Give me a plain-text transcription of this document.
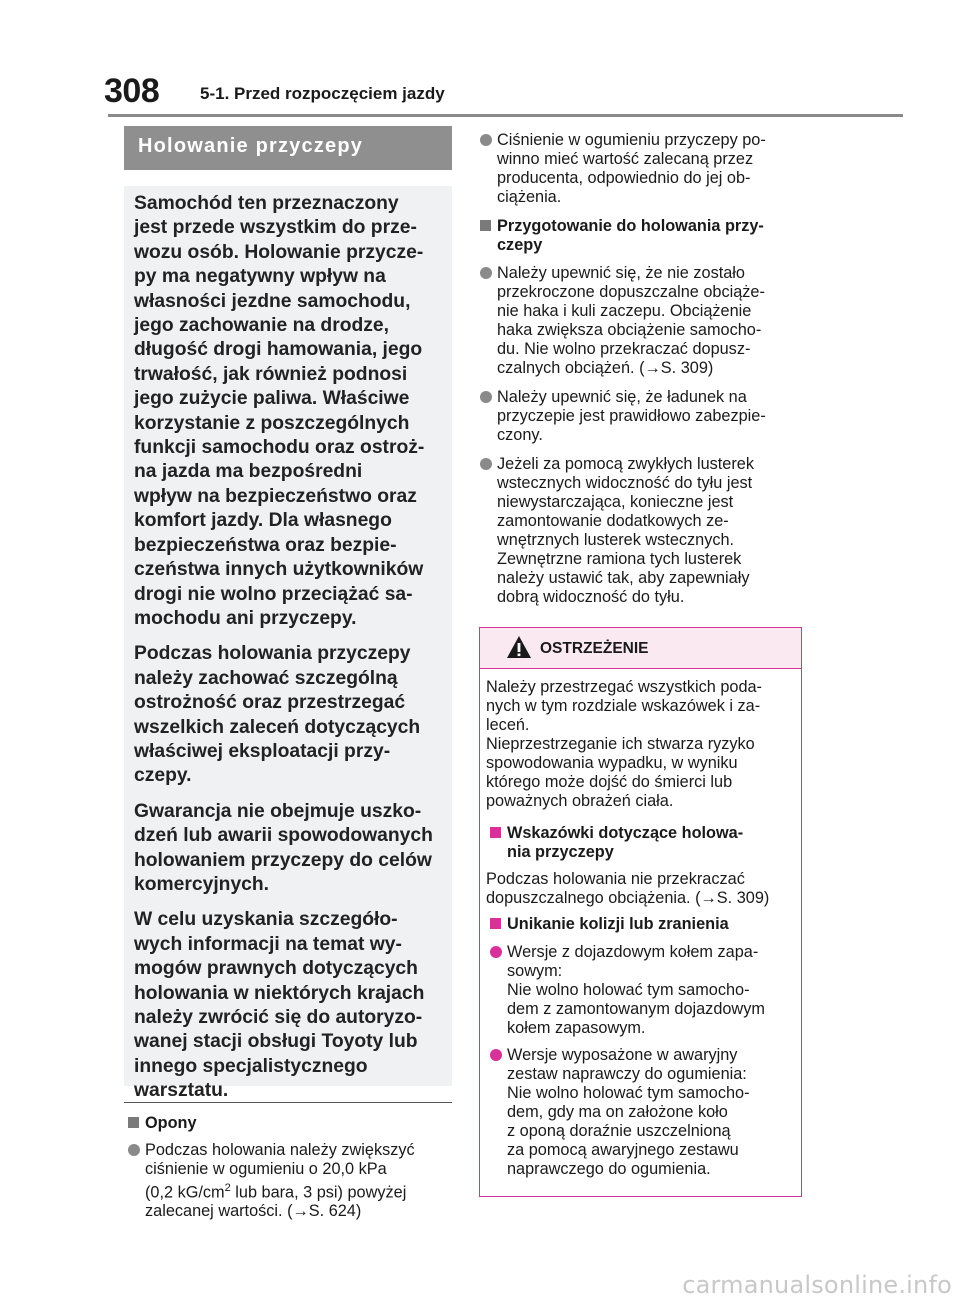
308 5-1. Przed rozpoczęciem jazdy
Holowanie przyczepy

Samochód ten przeznaczony
jest przede wszystkim do prze-
wozu osób. Holowanie przycze-
py ma negatywny wpływ na
własności jezdne samochodu,
jego zachowanie na drodze,
długość drogi hamowania, jego
trwałość, jak również podnosi
jego zużycie paliwa. Właściwe
korzystanie z poszczególnych
funkcji samochodu oraz ostroż-
na jazda ma bezpośredni
wpływ na bezpieczeństwo oraz
komfort jazdy. Dla własnego
bezpieczeństwa oraz bezpie-
czeństwa innych użytkowników
drogi nie wolno przeciążać sa-
mochodu ani przyczepy.

Podczas holowania przyczepy
należy zachować szczególną
ostrożność oraz przestrzegać
wszelkich zaleceń dotyczących
właściwej eksploatacji przy-
czepy.

Gwarancja nie obejmuje uszko-
dzeń lub awarii spowodowanych
holowaniem przyczepy do celów
komercyjnych.

W celu uzyskania szczegóło-
wych informacji na temat wy-
mogów prawnych dotyczących
holowania w niektórych krajach
należy zwrócić się do autoryzo-
wanej stacji obsługi Toyoty lub
innego specjalistycznego
warsztatu.

Opony
Podczas holowania należy zwiększyć
ciśnienie w ogumieniu o 20,0 kPa
(0,2 $kG/cm^2$ lub bara, 3 psi) powyżej
zalecanej wartości. (→S. 624)
Ciśnienie w ogumieniu przyczepy po-
winno mieć wartość zalecaną przez
producenta, odpowiednio do jej ob-
ciążenia.
Przygotowanie do holowania przy-
czepy
Należy upewnić się, że nie zostało
przekroczone dopuszczalne obciąże-
nie haka i kuli zaczepu. Obciążenie
haka zwiększa obciążenie samocho-
du. Nie wolno przekraczać dopusz-
czalnych obciążeń. (→S. 309)
Należy upewnić się, że ładunek na
przyczepie jest prawidłowo zabezpie-
czony.
Jeżeli za pomocą zwykłych lusterek
wstecznych widoczność do tyłu jest
niewystarczająca, konieczne jest
zamontowanie dodatkowych ze-
wnętrznych lusterek wstecznych.
Zewnętrzne ramiona tych lusterek
należy ustawić tak, aby zapewniały
dobrą widoczność do tyłu.
OSTRZEŻENIE
Należy przestrzegać wszystkich poda-
nych w tym rozdziale wskazówek i za-
leceń.
Nieprzestrzeganie ich stwarza ryzyko
spowodowania wypadku, w wyniku
którego może dojść do śmierci lub
poważnych obrażeń ciała.
Wskazówki dotyczące holowa-
nia przyczepy
Podczas holowania nie przekraczać
dopuszczalnego obciążenia. (→S. 309)
Unikanie kolizji lub zranienia
Wersje z dojazdowym kołem zapa-
sowym:
Nie wolno holować tym samocho-
dem z zamontowanym dojazdowym
kołem zapasowym.
Wersje wyposażone w awaryjny
zestaw naprawczy do ogumienia:
Nie wolno holować tym samocho-
dem, gdy ma on założone koło
z oponą doraźnie uszczelnioną
za pomocą awaryjnego zestawu
naprawczego do ogumienia.
carmanualsonline.info
